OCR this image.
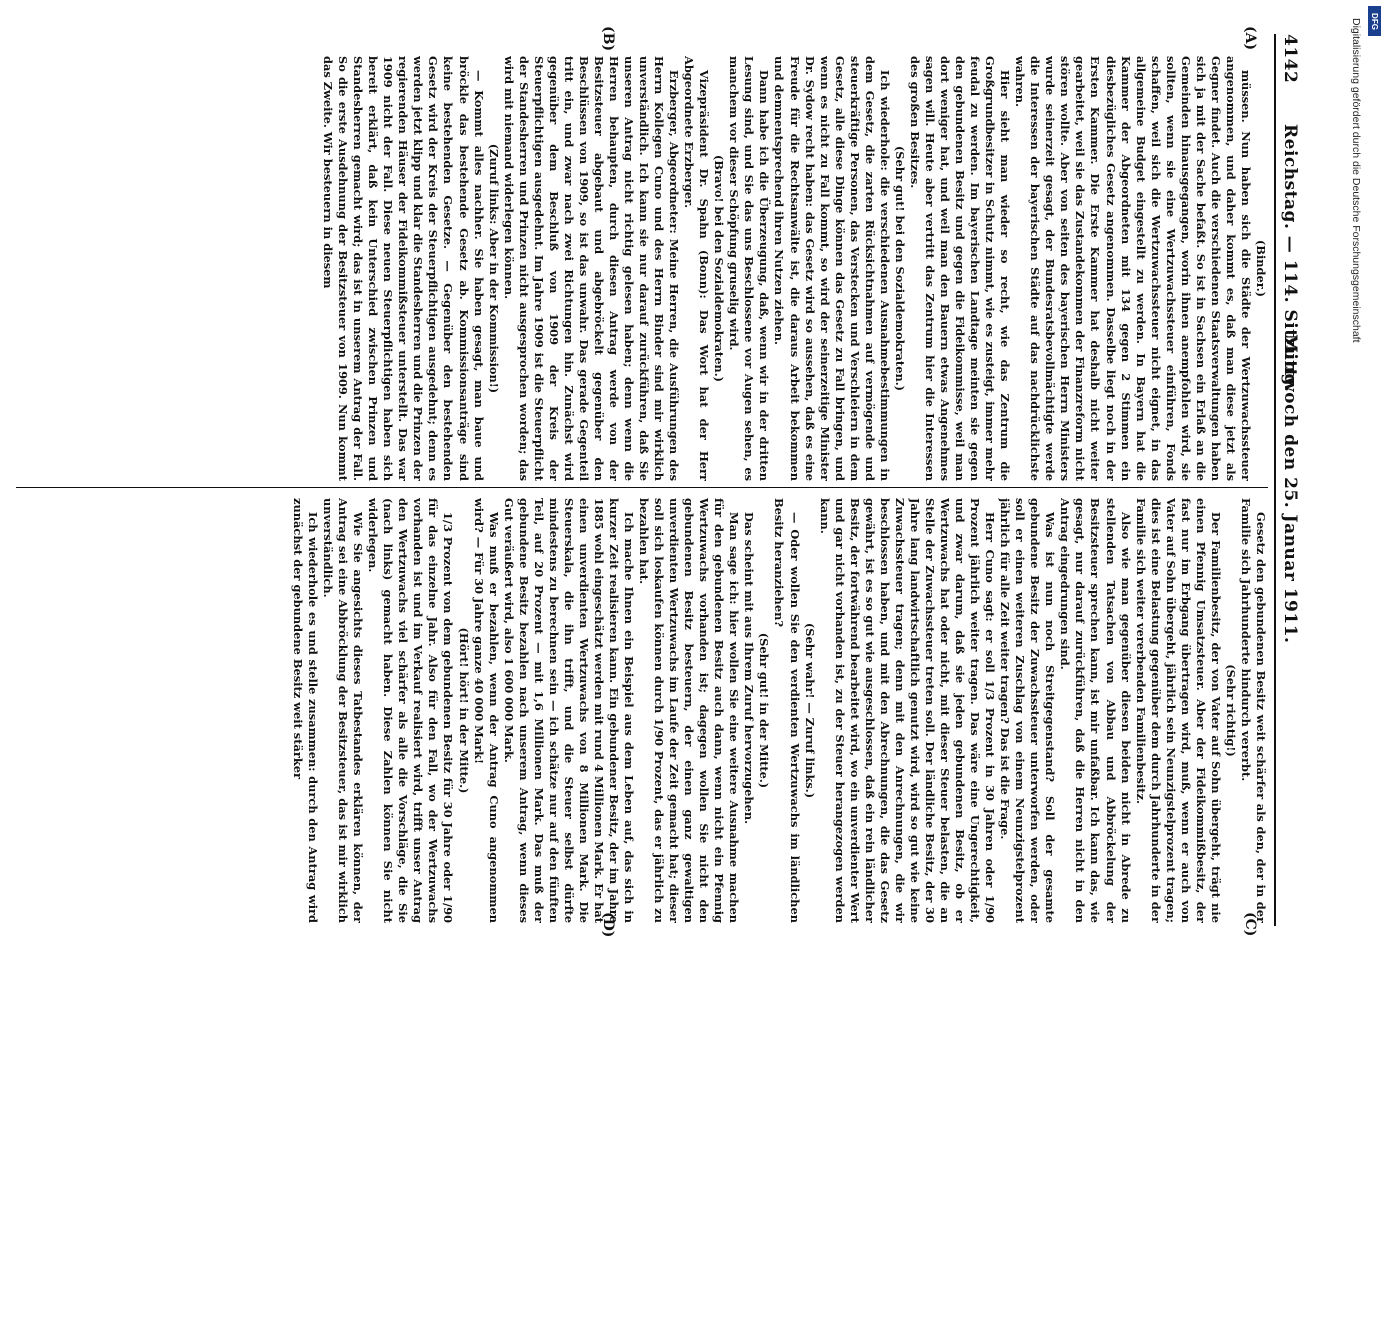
4142
Reichstag. — 114. Sitzung.
Mittwoch den 25. Januar 1911.
(A)
(B)
(C)
(D)

(Binder.)

müssen. Nun haben sich die Städte der Wertzuwachssteuer angenommen, und daher kommt es, daß man diese jetzt als Gegner findet. Auch die verschiedenen Staatsverwaltungen haben sich ja mit der Sache befaßt. So ist in Sachsen ein Erlaß an die Gemeinden hinausgegangen, worin ihnen anempfohlen wird, sie sollten, wenn sie eine Wertzuwachssteuer einführen, Fonds schaffen, weil sich die Wertzuwachssteuer nicht eignet, in das allgemeine Budget eingestellt zu werden. In Bayern hat die Kammer der Abgeordneten mit 134 gegen 2 Stimmen ein diesbezügliches Gesetz angenommen. Dasselbe liegt noch in der Ersten Kammer. Die Erste Kammer hat deshalb nicht weiter gearbeitet, weil sie das Zustandekommen der Finanzreform nicht stören wollte. Aber von seiten des bayerischen Herrn Ministers wurde seinerzeit gesagt, der Bundesratsbevollmächtigte werde die Interessen der bayerischen Städte auf das nachdrücklichste wahren.

Hier sieht man wieder so recht, wie das Zentrum die Großgrundbesitzer in Schutz nimmt, wie es zusteigt, immer mehr feudal zu werden. Im bayerischen Landtage meinten sie gegen den gebundenen Besitz und gegen die Fideikommisse, weil man dort weniger hat, und weil man den Bauern etwas Angenehmes sagen will. Heute aber vertritt das Zentrum hier die Interessen des großen Besitzes.

(Sehr gut! bei den Sozialdemokraten.)

Ich wiederhole: die verschiedenen Ausnahmebestimmungen in dem Gesetz, die zarten Rücksichtnahmen auf vermögende und steuerkräftige Personen, das Verstecken und Verschleiern in dem Gesetz, alle diese Dinge können das Gesetz zu Fall bringen, und wenn es nicht zu Fall kommt, so wird der seinerzeitige Minister Dr. Sydow recht haben: das Gesetz wird so aussehen, daß es eine Freude für die Rechtsanwälte ist, die daraus Arbeit bekommen und demnentsprechend ihren Nutzen ziehen.

Dann habe ich die Überzeugung, daß, wenn wir in der dritten Lesung sind, und Sie das uns Beschlossene vor Augen sehen, es manchem vor dieser Schöpfung gruselig wird.

(Bravo! bei den Sozialdemokraten.)

Vizepräsident Dr. Spahn (Bonn): Das Wort hat der Herr Abgeordnete Erzberger.

Erzberger, Abgeordneter: Meine Herren, die Ausführungen des Herrn Kollegen Cuno und des Herrn Binder sind mir wirklich unverständlich. Ich kann sie nur darauf zurückführen, daß Sie unseren Antrag nicht richtig gelesen haben; denn wenn die Herren behaupten, durch diesen Antrag werde von der Besitzsteuer abgebaut und abgebröckelt gegenüber den Beschlüssen von 1909, so ist das unwahr. Das gerade Gegenteil tritt ein, und zwar nach zwei Richtungen hin. Zunächst wird gegenüber dem Beschluß von 1909 der Kreis der Steuerpflichtigen ausgedehnt. Im Jahre 1909 ist die Steuerpflicht der Standesherren und Prinzen nicht ausgesprochen worden; das wird mit niemand widerlegen können.

(Zuruf links: Aber in der Kommission!)

— Kommt alles nachher. Sie haben gesagt, man baue und bröckle das bestehende Gesetz ab. Kommissionsanträge sind keine bestehenden Gesetze. — Gegenüber den bestehenden Gesetz wird der Kreis der Steuerpflichtigen ausgedehnt; denn es werden jetzt klipp und klar die Standesherren und die Prinzen der regierenden Häuser der Fideikommißsteuer unterstellt. Das war 1909 nicht der Fall. Diese neuen Steuerpflichtigen haben sich bereit erklärt, daß kein Unterschied zwischen Prinzen und Standesherren gemacht wird; das ist in unserem Antrag der Fall. So die erste Ausdehnung der Besitzsteuer von 1909. Nun kommt das Zweite. Wir besteuern in diesem

Gesetz den gebundenen Besitz weit schärfer als den, der in der Familie sich Jahrhunderte hindurch vererbt.

(Sehr richtig!)

Der Familienbesitz, der von Vater auf Sohn übergeht, trägt nie einen Pfennig Umsatzsteuer. Aber der Fideikommißbesitz, der fast nur im Erbgang übertragen wird, muß, wenn er auch von Vater auf Sohn übergeht, jährlich sein Neunzigstelprozent tragen; dies ist eine Belastung gegenüber dem durch Jahrhunderte in der Familie sich weiter vererbenden Familienbesitz.

Also wie man gegenüber diesen beiden nicht in Abrede zu stellenden Tatsachen von Abbau und Abbröckelung der Besitzsteuer sprechen kann, ist mir unfaßbar. Ich kann das, wie gesagt, nur darauf zurückführen, daß die Herren nicht in den Antrag eingedrungen sind.

Was ist nun noch Streitgegenstand? Soll der gesamte gebundene Besitz der Zuwachssteuer unterworfen werden, oder soll er einen weiteren Zuschlag von einem Neunzigstelprozent jährlich für alle Zeit weiter tragen? Das ist die Frage.

Herr Cuno sagt: er soll 1/3 Prozent in 30 Jahren oder 1/90 Prozent jährlich weiter tragen. Das wäre eine Ungerechtigkeit, und zwar darum, daß sie jeden gebundenen Besitz, ob er Wertzuwachs hat oder nicht, mit dieser Steuer belasten, die an Stelle der Zuwachssteuer treten soll. Der ländliche Besitz, der 30 Jahre lang landwirtschaftlich genutzt wird, wird so gut wie keine Zuwachssteuer tragen; denn mit den Anrechnungen, die wir beschlossen haben, und mit den Abrechnungen, die das Gesetz gewährt, ist es so gut wie ausgeschlossen, daß ein rein ländlicher Besitz, der fortwährend bearbeitet wird, wo ein unverdienter Wert und gar nicht vorhanden ist, zu der Steuer herangezogen werden kann.

(Sehr wahr! — Zuruf links.)

— Oder wollen Sie den verdienten Wertzuwachs im ländlichen Besitz heranziehen?

(Sehr gut! in der Mitte.)

Das scheint mit aus Ihrem Zuruf hervorzugehen.

Man sage ich: hier wollen Sie eine weitere Ausnahme machen für den gebundenen Besitz auch dann, wenn nicht ein Pfennig Wertzuwachs vorhanden ist; dagegen wollen Sie nicht den gebundenen Besitz besteuern, der einen ganz gewaltigen unverdienten Wertzuwachs im Laufe der Zeit gemacht hat; dieser soll sich loskaufen können durch 1/90 Prozent, das er jährlich zu bezahlen hat.

Ich mache Ihnen ein Beispiel aus dem Leben auf, das sich in kurzer Zeit realisieren kann. Ein gebundener Besitz, der im Jahre 1885 wohl eingeschätzt werden mit rund 4 Millionen Mark. Er hat einen unverdienten Wertzuwachs von 8 Millionen Mark. Die Steuerskala, die ihn trifft, und die Steuer selbst dürfte mindestens zu berechnen sein — ich schätze nur auf den fünften Teil, auf 20 Prozent — mit 1,6 Millionen Mark. Das muß der gebundene Besitz bezahlen nach unserem Antrag, wenn dieses Gut veräußert wird, also 1 600 000 Mark.

Was muß er bezahlen, wenn der Antrag Cuno angenommen wird? — Für 30 Jahre ganze 40 000 Mark!

(Hört! hört! in der Mitte.)

1/3 Prozent von dem gebundenen Besitz für 30 Jahre oder 1/90 für das einzelne Jahr. Also für den Fall, wo der Wertzuwachs vorhanden ist und im Verkauf realisiert wird, trifft unser Antrag den Wertzuwachs viel schärfer als alle die Vorschläge, die Sie (nach links) gemacht haben. Diese Zahlen können Sie nicht widerlegen.

Wie Sie angesichts dieses Tatbestandes erklären können, der Antrag sei eine Abbröcklung der Besitzsteuer, das ist mir wirklich unverständlich.

Ich wiederhole es und stelle zusammen: durch den Antrag wird zunächst der gebundene Besitz weit stärker

Digitalisierung gefördert durch die Deutsche Forschungsgemeinschaft DFG
